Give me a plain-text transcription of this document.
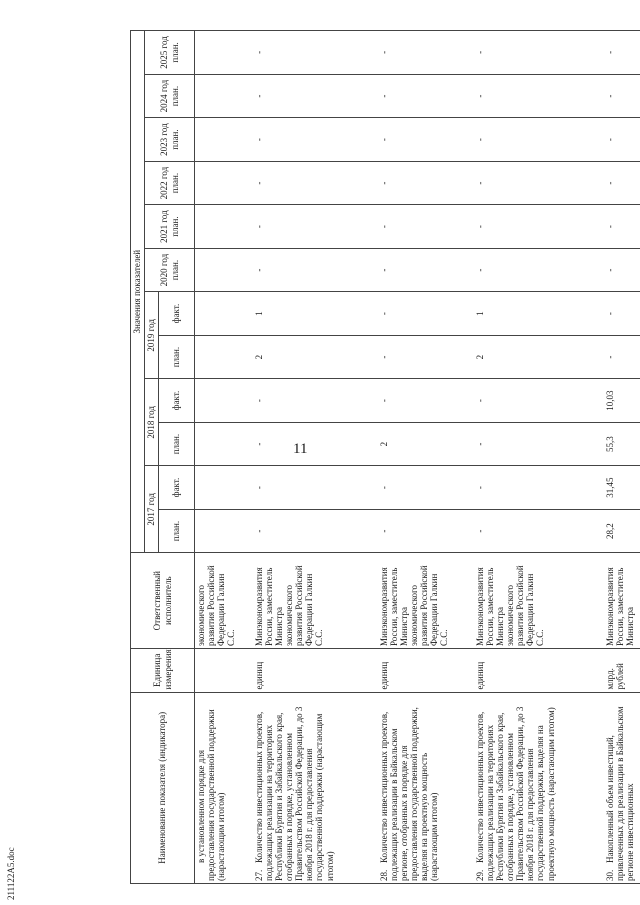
11
211122А5.doc
Наименование показателя (индикатора)	Единица измерения	Ответственный исполнитель	Значения показателей											
			2017 год		2018 год		2019 год		2020 год план.	2021 год план.	2022 год план.	2023 год план.	2024 год план.	2025 год план.
			план.	факт.	план.	факт.	план.	факт.						
в установленном порядке для предоставления государственной поддержки (нарастающим итогом)		экономического развития Российской Федерации Галкин С.С.												
27.Количество инвестиционных проектов, подлежащих реализации на территориях Республики Бурятия и Забайкальского края, отобранных в порядке, установленном Правительством Российской Федерации, до 3 ноября 2018 г. для предоставления государственной поддержки (нарастающим итогом)	единиц	Минэкономразвития России, заместитель Министра экономического развития Российской Федерации Галкин С.С.	-	-	-	-	2	1	-	-	-	-	-	-
28.Количество инвестиционных проектов, подлежащих реализации в Байкальском регионе, отобранных в порядке для предоставления государственной поддержки, выделяя на проектную мощность (нарастающим итогом)	единиц	Минэкономразвития России, заместитель Министра экономического развития Российской Федерации Галкин С.С.	-	-	2	-	-	-	-	-	-	-	-	-
29.Количество инвестиционных проектов, подлежащих реализации на территориях Республики Бурятия и Забайкальского края, отобранных в порядке, установленном Правительством Российской Федерации, до 3 ноября 2018 г. для предоставления государственной поддержки, выделяя на проектную мощность (нарастающим итогом)	единиц	Минэкономразвития России, заместитель Министра экономического развития Российской Федерации Галкин С.С.	-	-	-	-	2	1	-	-	-	-	-	-
30.Накопленный объем инвестиций, привлеченных для реализации в Байкальском регионе инвестиционных	млрд. рублей	Минэкономразвития России, заместитель Министра	28,2	31,45	55,3	10,03	-	-	-	-	-	-	-	-
